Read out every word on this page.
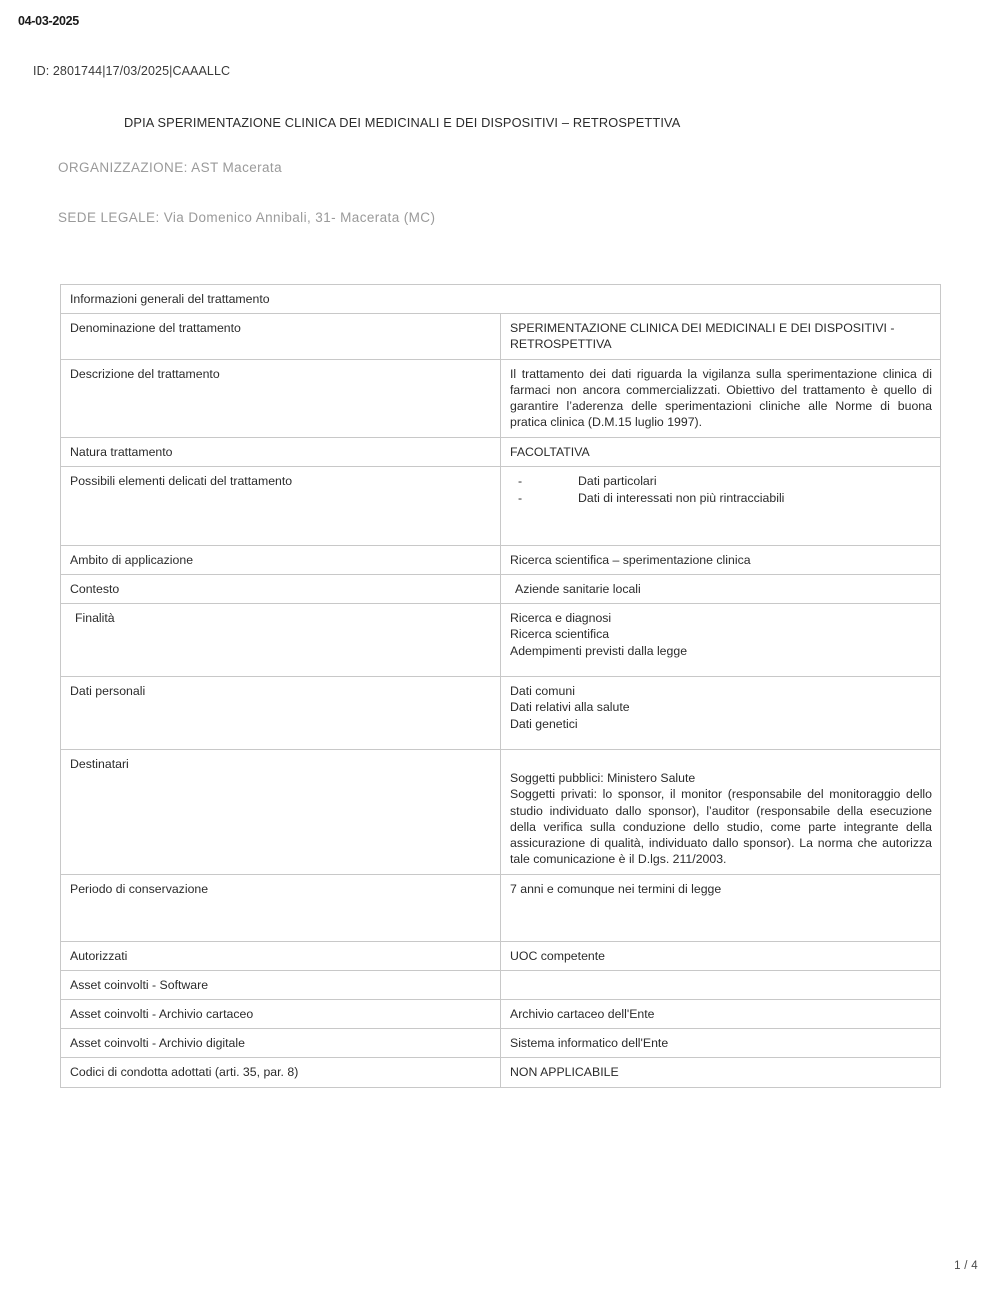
04-03-2025
ID: 2801744|17/03/2025|CAAALLC
DPIA SPERIMENTAZIONE CLINICA DEI MEDICINALI E DEI DISPOSITIVI – RETROSPETTIVA
ORGANIZZAZIONE: AST Macerata
SEDE LEGALE: Via Domenico Annibali, 31- Macerata (MC)
Informazioni generali del trattamento	
Denominazione del trattamento	SPERIMENTAZIONE CLINICA DEI MEDICINALI E DEI DISPOSITIVI - RETROSPETTIVA
Descrizione del trattamento	Il trattamento dei dati riguarda la vigilanza sulla sperimentazione clinica di farmaci non ancora commercializzati. Obiettivo del trattamento è quello di garantire l’aderenza delle sperimentazioni cliniche alle Norme di buona pratica clinica (D.M.15 luglio 1997).
Natura trattamento	FACOLTATIVA
Possibili elementi delicati del trattamento	-	Dati particolari
-	Dati di interessati non più rintracciabili

Ambito di applicazione	Ricerca scientifica – sperimentazione clinica
Contesto	Aziende sanitarie locali
Finalità	Ricerca e diagnosi
Ricerca scientifica
Adempimenti previsti dalla legge

Dati personali	Dati comuni
Dati relativi alla salute
Dati genetici

Destinatari	Soggetti pubblici: Ministero Salute
Soggetti privati: lo sponsor, il monitor (responsabile del monitoraggio dello studio individuato dallo sponsor), l’auditor (responsabile della esecuzione della verifica sulla conduzione dello studio, come parte integrante della assicurazione di qualità, individuato dallo sponsor). La norma che autorizza tale comunicazione è il D.lgs. 211/2003.

Periodo di conservazione	7 anni e comunque nei termini di legge
Autorizzati	UOC competente
Asset coinvolti - Software	
Asset coinvolti - Archivio cartaceo	Archivio cartaceo dell'Ente
Asset coinvolti - Archivio digitale	Sistema informatico dell'Ente
Codici di condotta adottati (arti. 35, par. 8)	NON APPLICABILE
1 / 4
